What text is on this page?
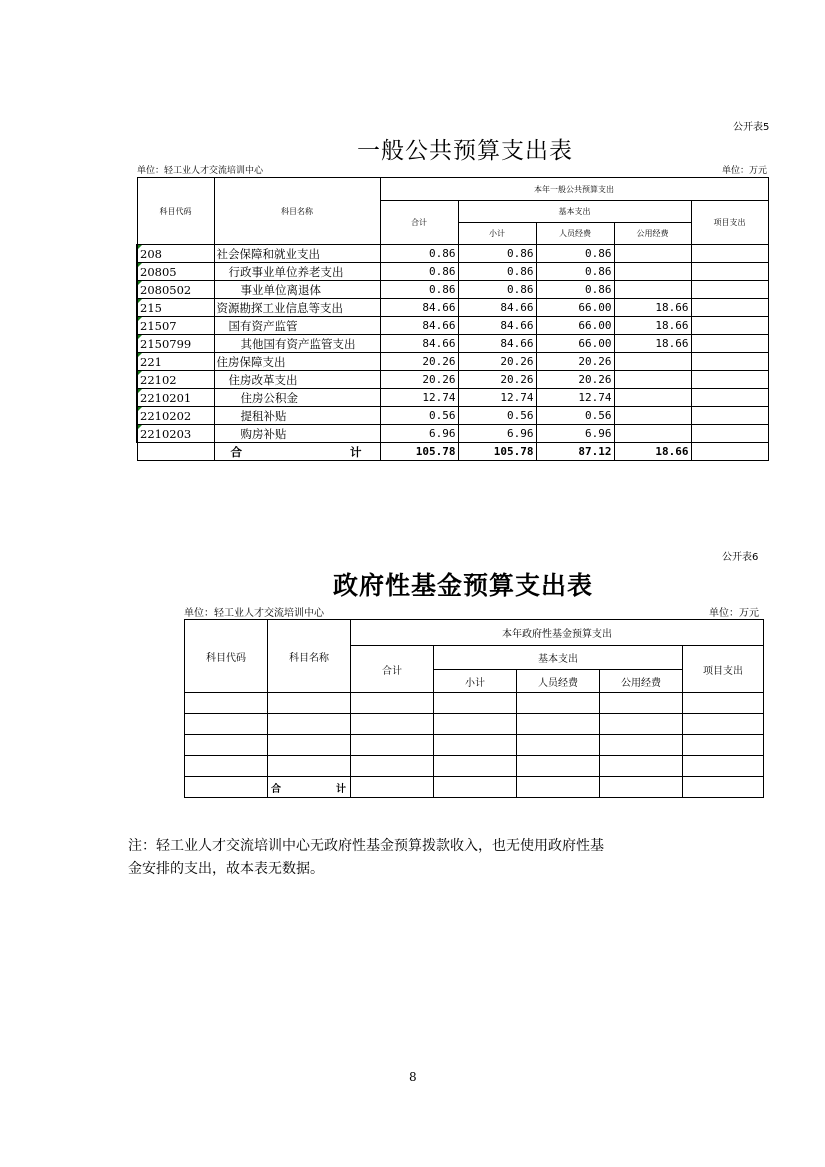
公开表5
一般公共预算支出表
单位：轻工业人才交流培训中心	单位：万元
科目代码	科目名称	本年一般公共预算支出				
		合计	基本支出			项目支出
			小计	人员经费	公用经费	
208	社会保障和就业支出	0.86	0.86	0.86		
20805	行政事业单位养老支出	0.86	0.86	0.86		
2080502	事业单位离退体	0.86	0.86	0.86		
215	资源勘探工业信息等支出	84.66	84.66	66.00	18.66	
21507	国有资产监管	84.66	84.66	66.00	18.66	
2150799	其他国有资产监管支出	84.66	84.66	66.00	18.66	
221	住房保障支出	20.26	20.26	20.26		
22102	住房改革支出	20.26	20.26	20.26		
2210201	住房公积金	12.74	12.74	12.74		
2210202	提租补贴	0.56	0.56	0.56		
2210203	购房补贴	6.96	6.96	6.96		
	合 计	105.78	105.78	87.12	18.66	
公开表6
政府性基金预算支出表
单位：轻工业人才交流培训中心	单位：万元
科目代码	科目名称	本年政府性基金预算支出				
		合计	基本支出			项目支出
			小计	人员经费	公用经费	

	合 计					

注：轻工业人才交流培训中心无政府性基金预算拨款收入，也无使用政府性基
金安排的支出，故本表无数据。
8
